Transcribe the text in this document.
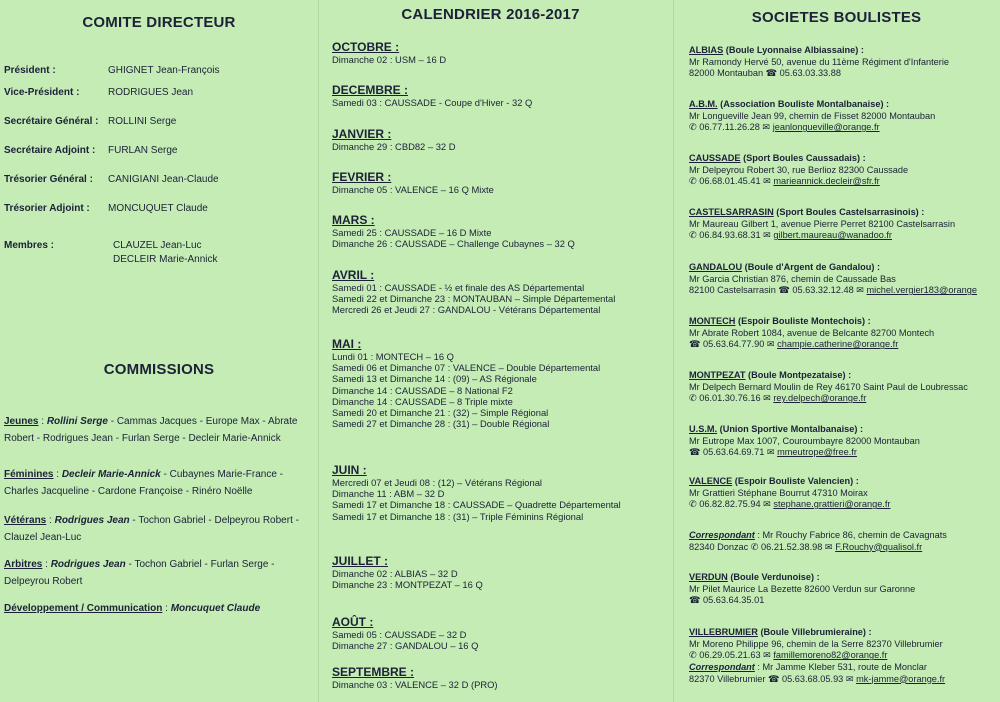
COMITE DIRECTEUR
Président :	GHIGNET Jean-François
Vice-Président :	RODRIGUES Jean
Secrétaire Général : ROLLINI Serge
Secrétaire Adjoint : FURLAN Serge
Trésorier Général : CANIGIANI Jean-Claude
Trésorier Adjoint : MONCUQUET Claude
Membres :	CLAUZEL Jean-Luc
DECLEIR Marie-Annick
COMMISSIONS
Jeunes : Rollini Serge - Cammas Jacques - Europe Max - Abrate Robert - Rodrigues Jean - Furlan Serge - Decleir Marie-Annick
Féminines : Decleir Marie-Annick - Cubaynes Marie-France - Charles Jacqueline - Cardone Françoise - Rinéro Noëlle
Vétérans : Rodrigues Jean - Tochon Gabriel - Delpeyrou Robert - Clauzel Jean-Luc
Arbitres : Rodrigues Jean - Tochon Gabriel - Furlan Serge - Delpeyrou Robert
Développement / Communication : Moncuquet Claude
CALENDRIER 2016-2017
OCTOBRE :
Dimanche 02 : USM – 16 D
DECEMBRE :
Samedi 03 : CAUSSADE - Coupe d'Hiver - 32 Q
JANVIER :
Dimanche 29 : CBD82 – 32 D
FEVRIER :
Dimanche 05 : VALENCE – 16 Q Mixte
MARS :
Samedi 25 : CAUSSADE – 16 D Mixte
Dimanche 26 : CAUSSADE – Challenge Cubaynes – 32 Q
AVRIL :
Samedi 01 : CAUSSADE - ½ et finale des AS Départemental
Samedi 22 et Dimanche 23 : MONTAUBAN – Simple Départemental
Mercredi 26 et Jeudi 27 : GANDALOU - Vétérans Départemental
MAI :
Lundi 01 : MONTECH – 16 Q
Samedi 06 et Dimanche 07 : VALENCE – Double Départemental
Samedi 13 et Dimanche 14 : (09) – AS Régionale
Dimanche 14 : CAUSSADE – 8 National F2
Dimanche 14 : CAUSSADE – 8 Triple mixte
Samedi 20 et Dimanche 21 : (32) – Simple Régional
Samedi 27 et Dimanche 28 : (31) – Double Régional
JUIN :
Mercredi 07 et Jeudi 08 : (12) – Vétérans Régional
Dimanche 11 : ABM – 32 D
Samedi 17 et Dimanche 18 : CAUSSADE – Quadrette Départemental
Samedi 17 et Dimanche 18 : (31) – Triple Féminins Régional
JUILLET :
Dimanche 02 : ALBIAS – 32 D
Dimanche 23 : MONTPEZAT – 16 Q
AOÛT :
Samedi 05 : CAUSSADE – 32 D
Dimanche 27 : GANDALOU – 16 Q
SEPTEMBRE :
Dimanche 03 : VALENCE – 32 D (PRO)
SOCIETES BOULISTES
ALBIAS (Boule Lyonnaise Albiassaine) :
Mr Ramondy Hervé 50, avenue du 11ème Régiment d'Infanterie
82000 Montauban ☎ 05.63.03.33.88
A.B.M. (Association Bouliste Montalbanaise) :
Mr Longueville Jean 99, chemin de Fisset 82000 Montauban
✆ 06.77.11.26.28 ✉ jeanlongueville@orange.fr
CAUSSADE (Sport Boules Caussadais) :
Mr Delpeyrou Robert 30, rue Berlioz 82300 Caussade
✆ 06.68.01.45.41 ✉ marieannick.decleir@sfr.fr
CASTELSARRASIN (Sport Boules Castelsarrasinois) :
Mr Maureau Gilbert 1, avenue Pierre Perret 82100 Castelsarrasin
✆ 06.84.93.68.31 ✉ gilbert.maureau@wanadoo.fr
GANDALOU (Boule d'Argent de Gandalou) :
Mr Garcia Christian 876, chemin de Caussade Bas
82100 Castelsarrasin ☎ 05.63.32.12.48 ✉ michel.vergier183@orange
MONTECH (Espoir Bouliste Montechois) :
Mr Abrate Robert 1084, avenue de Belcante 82700 Montech
☎ 05.63.64.77.90 ✉ champie.catherine@orange.fr
MONTPEZAT (Boule Montpezataise) :
Mr Delpech Bernard Moulin de Rey 46170 Saint Paul de Loubressac
✆ 06.01.30.76.16 ✉ rey.delpech@orange.fr
U.S.M. (Union Sportive Montalbanaise) :
Mr Eutrope Max 1007, Couroumbayre 82000 Montauban
☎ 05.63.64.69.71 ✉ mmeutrope@free.fr
VALENCE (Espoir Bouliste Valencien) :
Mr Grattieri Stéphane Bourrut 47310 Moirax
✆ 06.82.82.75.94 ✉ stephane.grattieri@orange.fr
Correspondant : Mr Rouchy Fabrice 86, chemin de Cavagnats
82340 Donzac ✆ 06.21.52.38.98 ✉ F.Rouchy@qualisol.fr
VERDUN (Boule Verdunoise) :
Mr Pilet Maurice La Bezette 82600 Verdun sur Garonne
☎ 05.63.64.35.01
VILLEBRUMIER (Boule Villebrumieraine) :
Mr Moreno Philippe 96, chemin de la Serre 82370 Villebrumier
✆ 06.29.05.21.63 ✉ famillemoreno82@orange.fr
Correspondant : Mr Jamme Kleber 531, route de Monclar
82370 Villebrumier ☎ 05.63.68.05.93 ✉ mk-jamme@orange.fr
